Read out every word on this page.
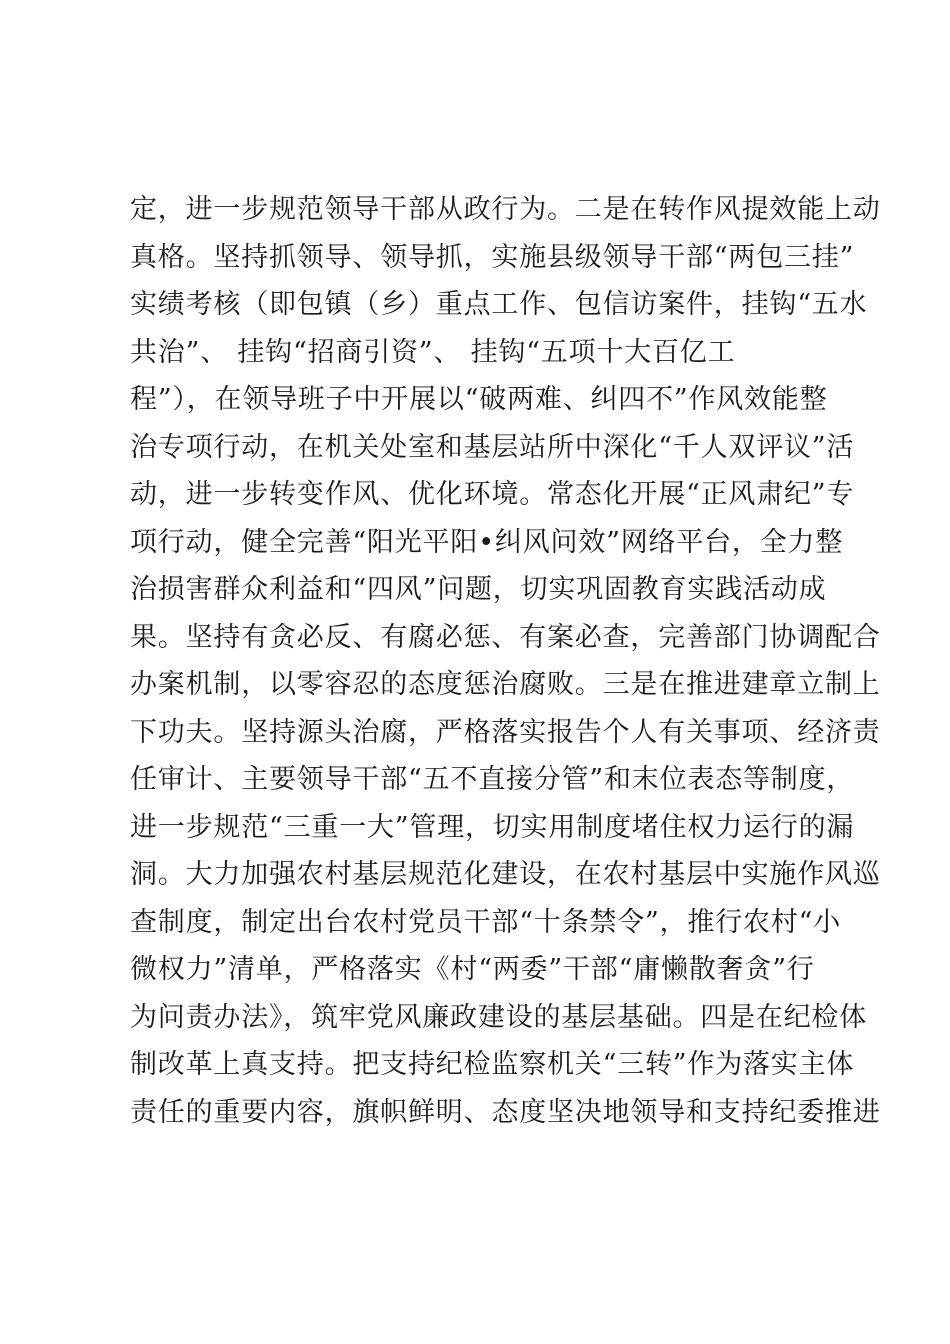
定，进一步规范领导干部从政行为。二是在转作风提效能上动
真格。坚持抓领导、领导抓，实施县级领导干部“两包三挂”
实绩考核（即包镇（乡）重点工作、包信访案件，挂钩“五水
共治”、 挂钩“招商引资”、 挂钩“五项十大百亿工
程”），在领导班子中开展以“破两难、纠四不”作风效能整
治专项行动，在机关处室和基层站所中深化“千人双评议”活
动，进一步转变作风、优化环境。常态化开展“正风肃纪”专
项行动，健全完善“阳光平阳•纠风问效”网络平台，全力整
治损害群众利益和“四风”问题，切实巩固教育实践活动成
果。坚持有贪必反、有腐必惩、有案必查，完善部门协调配合
办案机制，以零容忍的态度惩治腐败。三是在推进建章立制上
下功夫。坚持源头治腐，严格落实报告个人有关事项、经济责
任审计、主要领导干部“五不直接分管”和末位表态等制度，
进一步规范“三重一大”管理，切实用制度堵住权力运行的漏
洞。大力加强农村基层规范化建设，在农村基层中实施作风巡
查制度，制定出台农村党员干部“十条禁令”，推行农村“小
微权力”清单，严格落实《村“两委”干部“庸懒散奢贪”行
为问责办法》，筑牢党风廉政建设的基层基础。四是在纪检体
制改革上真支持。把支持纪检监察机关“三转”作为落实主体
责任的重要内容，旗帜鲜明、态度坚决地领导和支持纪委推进
